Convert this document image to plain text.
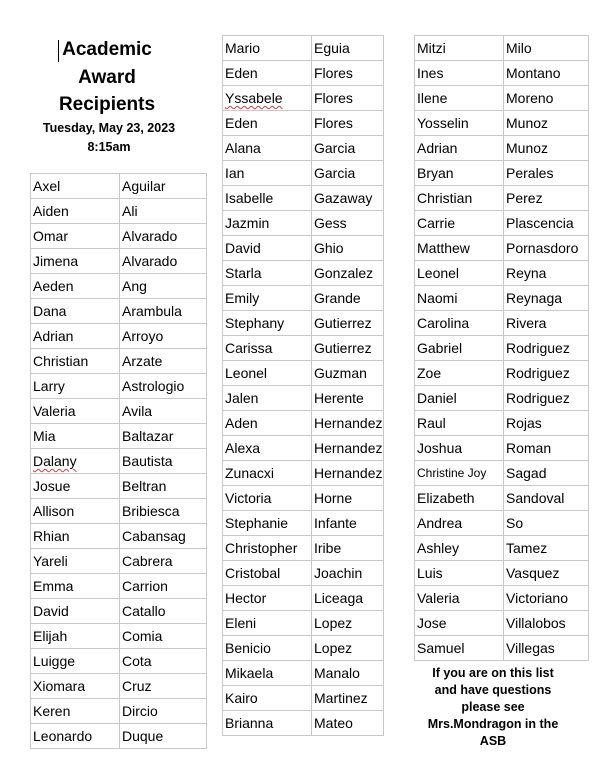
Academic
Award
Recipients
Tuesday, May 23, 2023
8:15am
Axel	Aguilar
Aiden	Ali
Omar	Alvarado
Jimena	Alvarado
Aeden	Ang
Dana	Arambula
Adrian	Arroyo
Christian	Arzate
Larry	Astrologio
Valeria	Avila
Mia	Baltazar
Dalany	Bautista
Josue	Beltran
Allison	Bribiesca
Rhian	Cabansag
Yareli	Cabrera
Emma	Carrion
David	Catallo
Elijah	Comia
Luigge	Cota
Xiomara	Cruz
Keren	Dircio
Leonardo	Duque
Mario	Eguia
Eden	Flores
Yssabele	Flores
Eden	Flores
Alana	Garcia
Ian	Garcia
Isabelle	Gazaway
Jazmin	Gess
David	Ghio
Starla	Gonzalez
Emily	Grande
Stephany	Gutierrez
Carissa	Gutierrez
Leonel	Guzman
Jalen	Herente
Aden	Hernandez
Alexa	Hernandez
Zunacxi	Hernandez
Victoria	Horne
Stephanie	Infante
Christopher	Iribe
Cristobal	Joachin
Hector	Liceaga
Eleni	Lopez
Benicio	Lopez
Mikaela	Manalo
Kairo	Martinez
Brianna	Mateo
Mitzi	Milo
Ines	Montano
Ilene	Moreno
Yosselin	Munoz
Adrian	Munoz
Bryan	Perales
Christian	Perez
Carrie	Plascencia
Matthew	Pornasdoro
Leonel	Reyna
Naomi	Reynaga
Carolina	Rivera
Gabriel	Rodriguez
Zoe	Rodriguez
Daniel	Rodriguez
Raul	Rojas
Joshua	Roman
Christine Joy	Sagad
Elizabeth	Sandoval
Andrea	So
Ashley	Tamez
Luis	Vasquez
Valeria	Victoriano
Jose	Villalobos
Samuel	Villegas
If you are on this list
and have questions
please see
Mrs.Mondragon in the
ASB
